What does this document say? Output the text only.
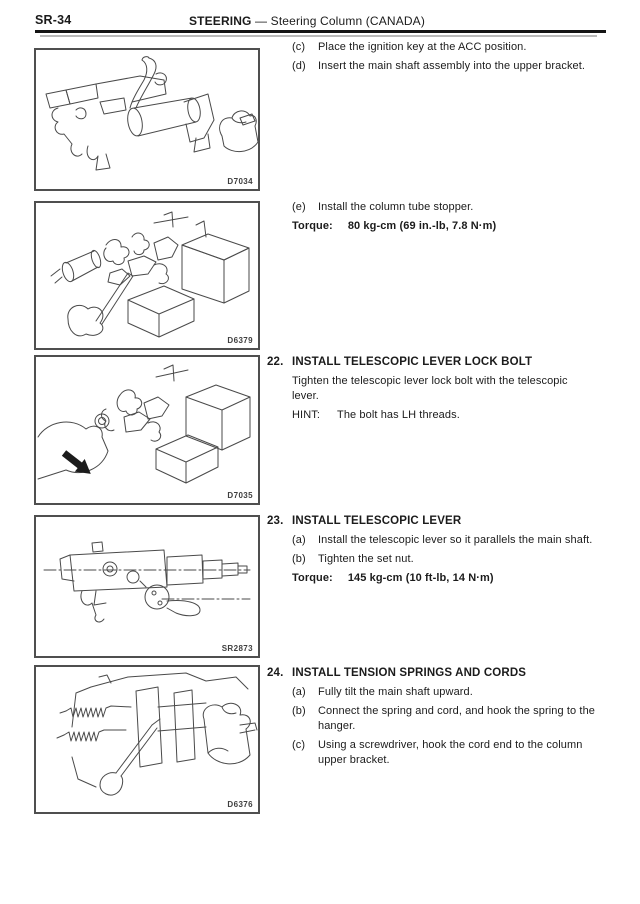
SR-34	STEERING — Steering Column (CANADA)
D7034
D6379
D7035
SR2873
D6376
(c)	Place the ignition key at the ACC position.
(d)	Insert the main shaft assembly into the upper bracket.
(e)	Install the column tube stopper.
Torque: 80 kg-cm (69 in.-lb, 7.8 N·m)
22. INSTALL TELESCOPIC LEVER LOCK BOLT
Tighten the telescopic lever lock bolt with the telescopic lever.
HINT: The bolt has LH threads.
23. INSTALL TELESCOPIC LEVER
(a)	Install the telescopic lever so it parallels the main shaft.
(b)	Tighten the set nut.
Torque: 145 kg-cm (10 ft-lb, 14 N·m)
24. INSTALL TENSION SPRINGS AND CORDS
(a)	Fully tilt the main shaft upward.
(b)	Connect the spring and cord, and hook the spring to the hanger.
(c)	Using a screwdriver, hook the cord end to the column upper bracket.
